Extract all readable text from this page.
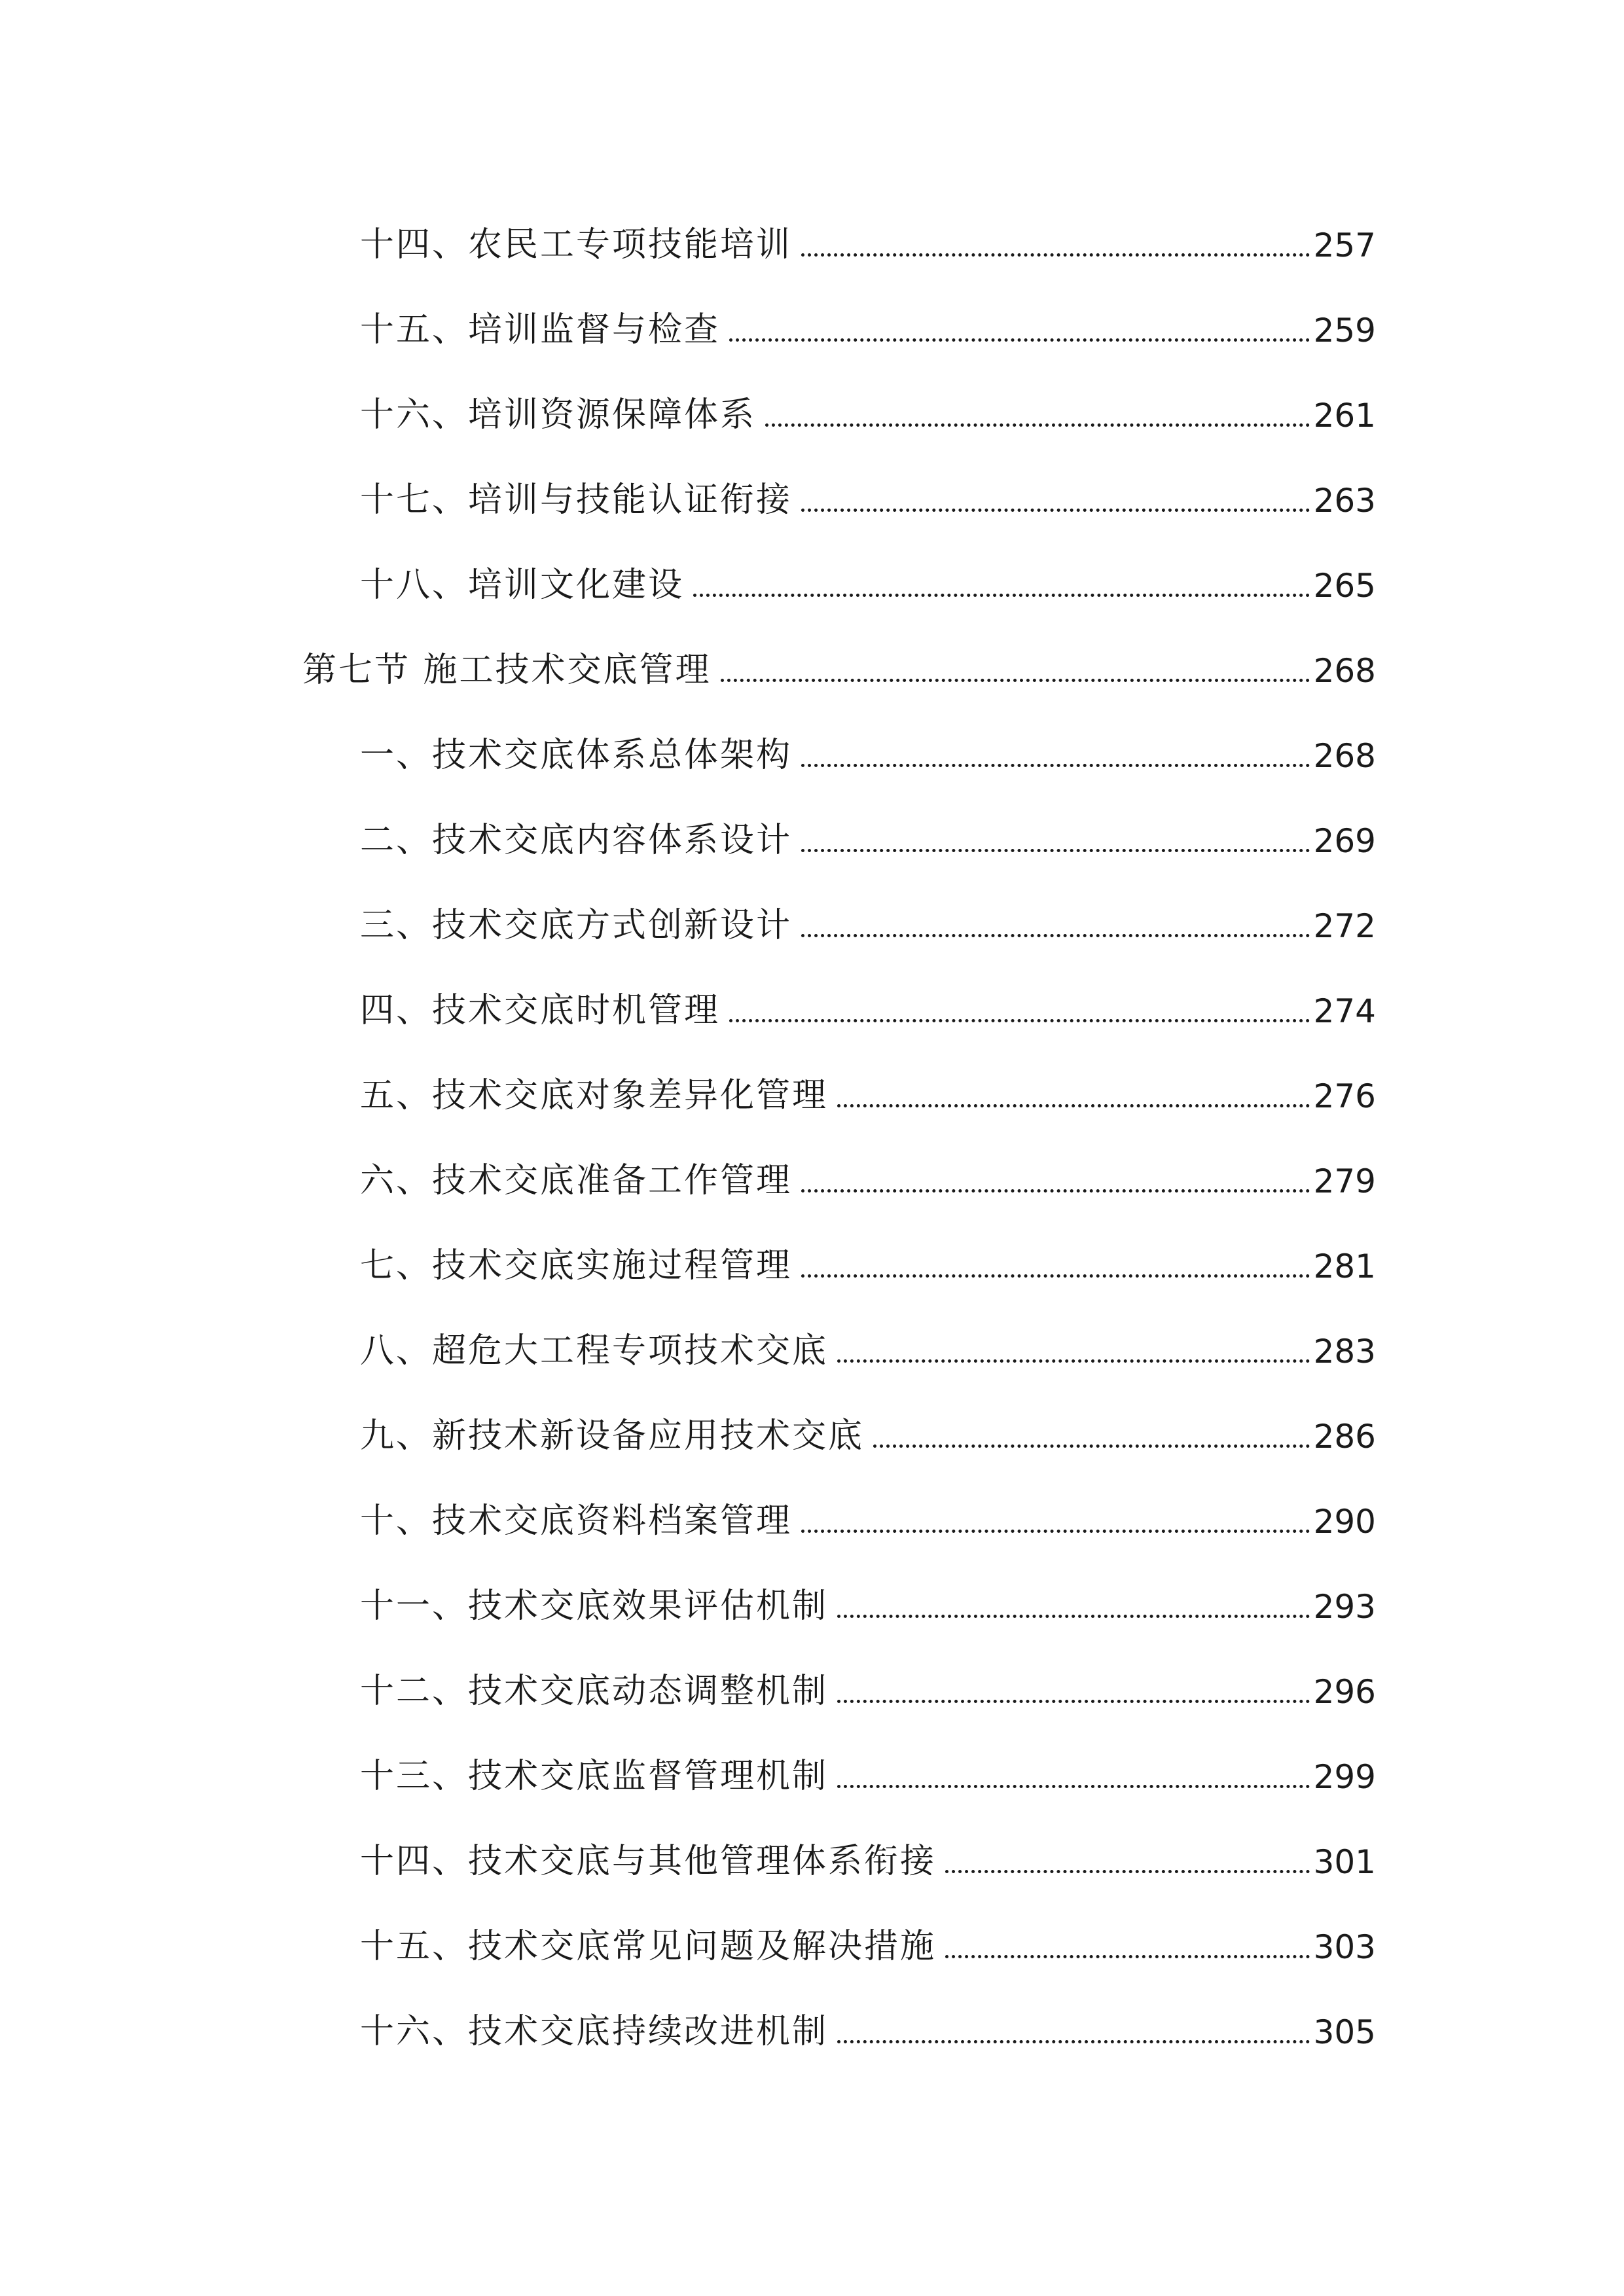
十四、农民工专项技能培训	257
十五、培训监督与检查	259
十六、培训资源保障体系	261
十七、培训与技能认证衔接	263
十八、培训文化建设	265
第七节 施工技术交底管理	268
一、技术交底体系总体架构	268
二、技术交底内容体系设计	269
三、技术交底方式创新设计	272
四、技术交底时机管理	274
五、技术交底对象差异化管理	276
六、技术交底准备工作管理	279
七、技术交底实施过程管理	281
八、超危大工程专项技术交底	283
九、新技术新设备应用技术交底	286
十、技术交底资料档案管理	290
十一、技术交底效果评估机制	293
十二、技术交底动态调整机制	296
十三、技术交底监督管理机制	299
十四、技术交底与其他管理体系衔接	301
十五、技术交底常见问题及解决措施	303
十六、技术交底持续改进机制	305
